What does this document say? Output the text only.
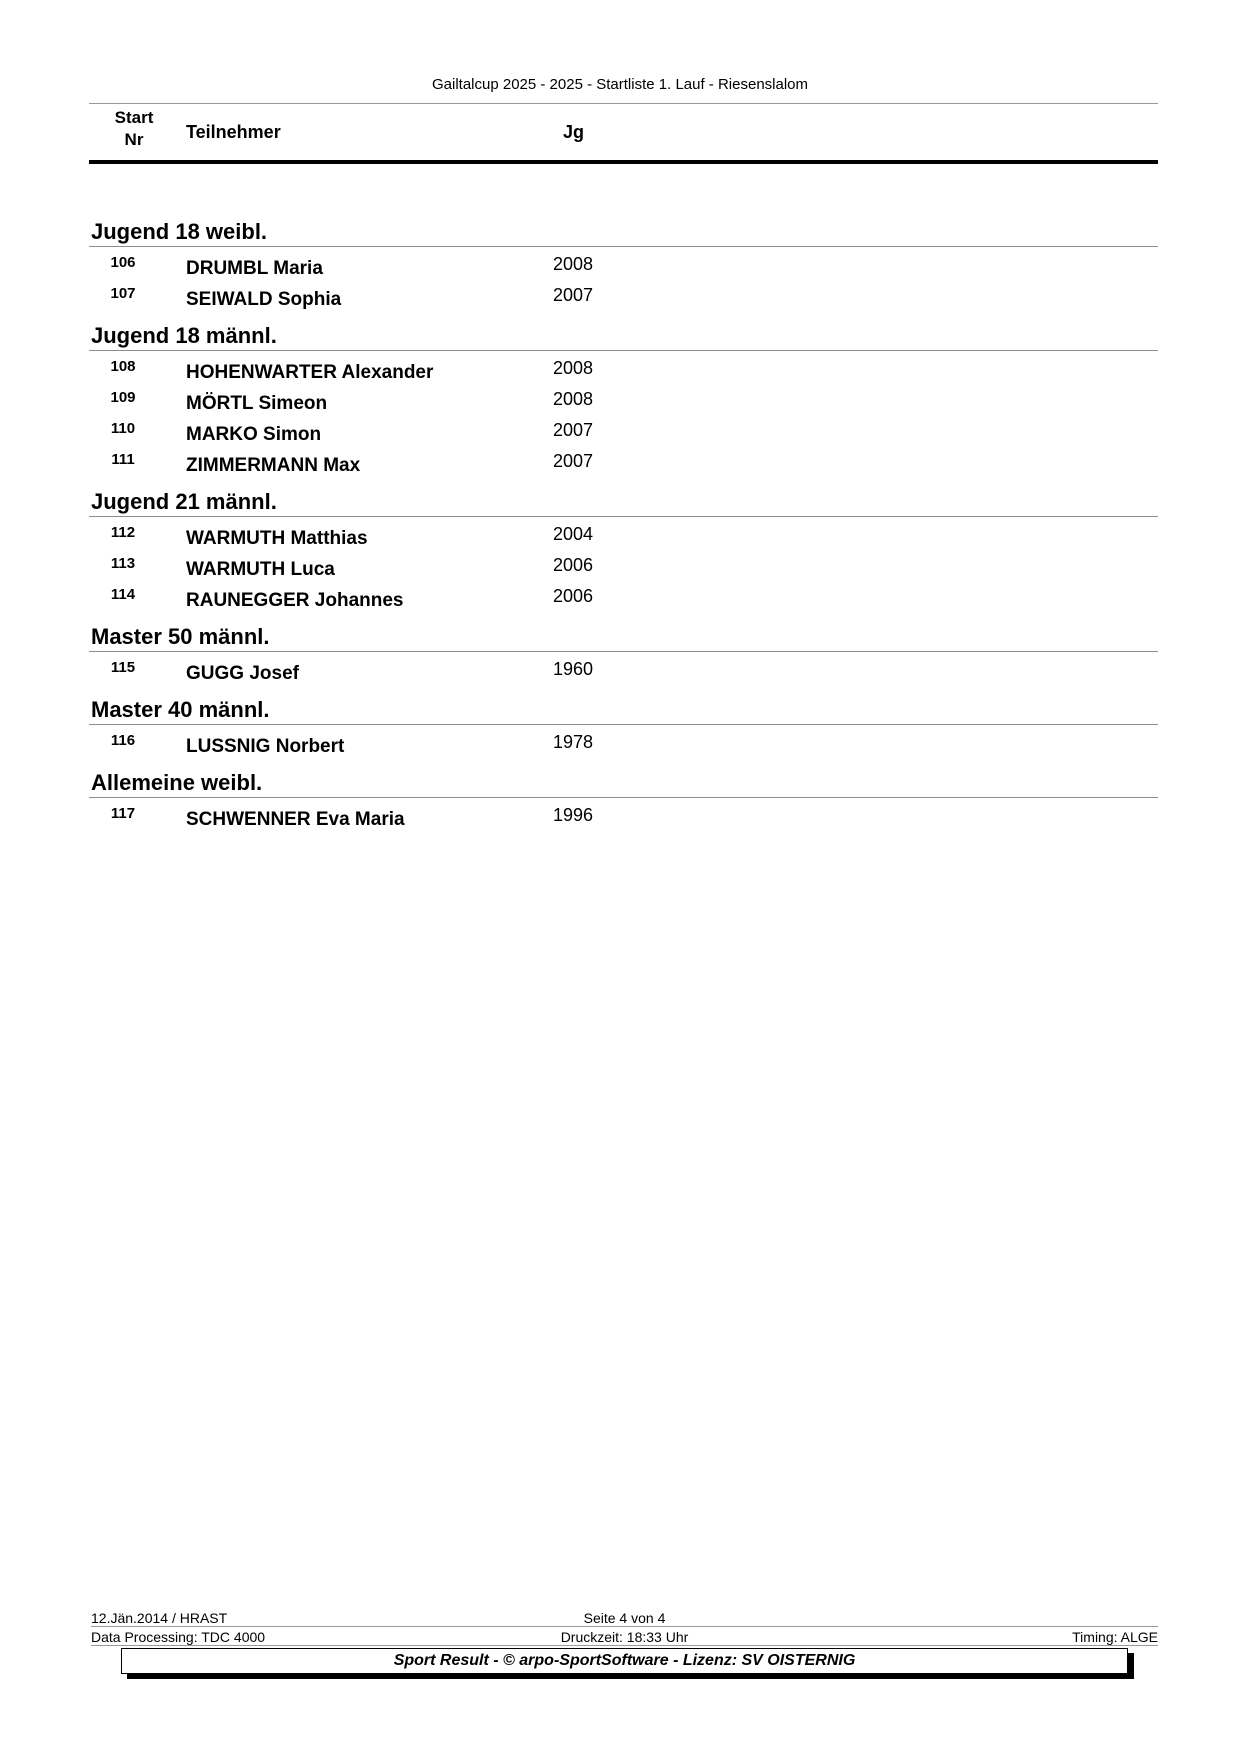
Gailtalcup 2025 - 2025 - Startliste 1. Lauf - Riesenslalom
Start
Nr	Teilnehmer	Jg
Jugend 18 weibl.
106	DRUMBL Maria	2008
107	SEIWALD Sophia	2007
Jugend 18 männl.
108	HOHENWARTER Alexander	2008
109	MÖRTL Simeon	2008
110	MARKO Simon	2007
111	ZIMMERMANN Max	2007
Jugend 21 männl.
112	WARMUTH Matthias	2004
113	WARMUTH Luca	2006
114	RAUNEGGER Johannes	2006
Master 50 männl.
115	GUGG Josef	1960
Master 40 männl.
116	LUSSNIG Norbert	1978
Allemeine weibl.
117	SCHWENNER Eva Maria	1996
12.Jän.2014 / HRAST	Seite 4 von 4
Data Processing: TDC 4000	Druckzeit: 18:33 Uhr	Timing: ALGE
Sport Result - © arpo-SportSoftware - Lizenz: SV OISTERNIG
